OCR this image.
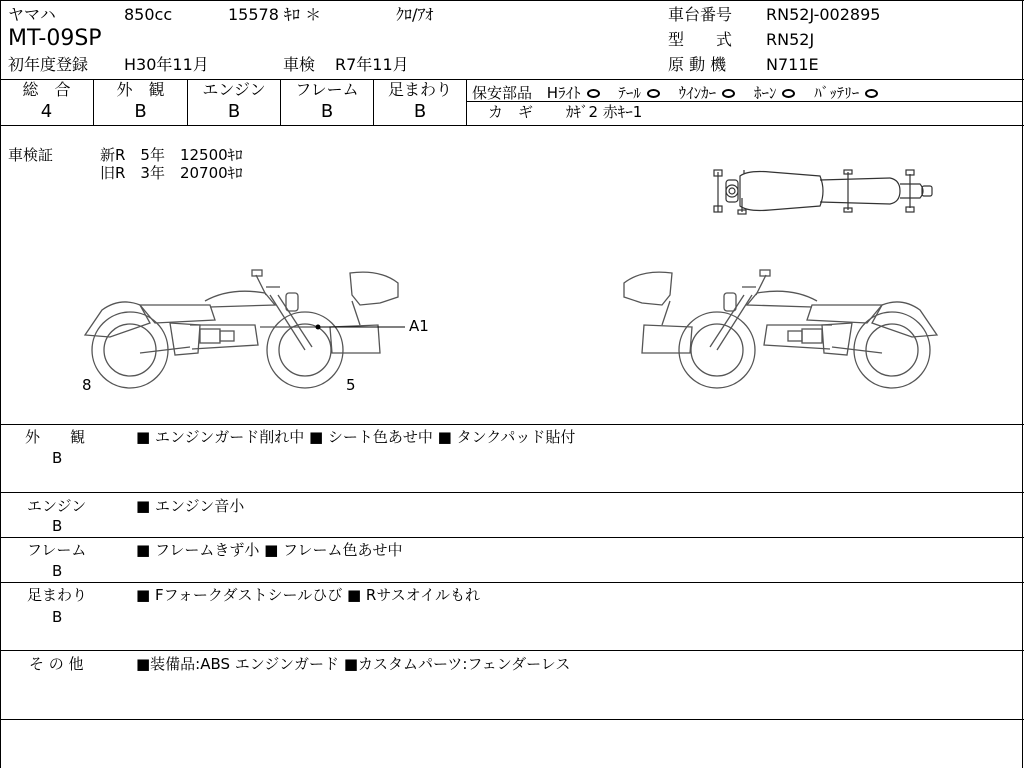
ヤマハ	850cc	15578 ｷﾛ ＊	ｸﾛ/ｱｵ
MT-09SP
初年度登録 H30年11月	車検 R7年11月
車台番号 RN52J-002895
型　　式 RN52J
原 動 機 N711E
総　合
4
外　観
B
エンジン
B
フレーム
B
足まわり
B
保安部品 Hﾗｲﾄ	ﾃｰﾙ	ｳｲﾝｶｰ	ﾎｰﾝ	ﾊﾞｯﾃﾘｰ
カ　ギ ｶｷﾞ2 赤ｷｰ1
車検証	新R　5年　12500ｷﾛ
旧R　3年　20700ｷﾛ
A1
8	5
外　　観
B
■ エンジンガード削れ中 ■ シート色あせ中 ■ タンクパッド貼付
エンジン
B
■ エンジン音小
フレーム
B
■ フレームきず小 ■ フレーム色あせ中
足まわり
B
■ Fフォークダストシールひび ■ Rサスオイルもれ
そ の 他	■装備品:ABS エンジンガード ■カスタムパーツ:フェンダーレス
